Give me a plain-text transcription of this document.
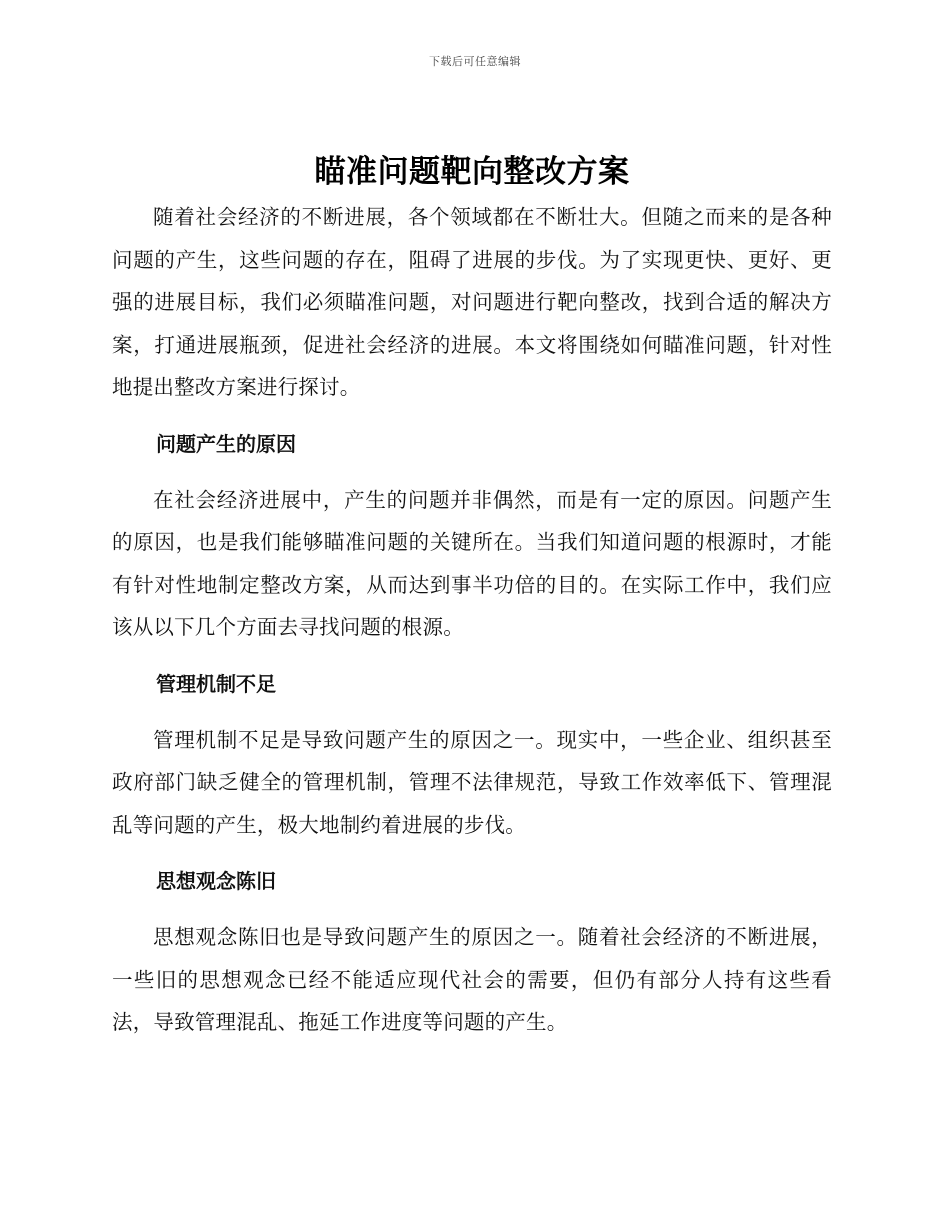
下载后可任意编辑
瞄准问题靶向整改方案

随着社会经济的不断进展，各个领域都在不断壮大。但随之而来的是各种问题的产生，这些问题的存在，阻碍了进展的步伐。为了实现更快、更好、更强的进展目标，我们必须瞄准问题，对问题进行靶向整改，找到合适的解决方案，打通进展瓶颈，促进社会经济的进展。本文将围绕如何瞄准问题，针对性地提出整改方案进行探讨。

问题产生的原因

在社会经济进展中，产生的问题并非偶然，而是有一定的原因。问题产生的原因，也是我们能够瞄准问题的关键所在。当我们知道问题的根源时，才能有针对性地制定整改方案，从而达到事半功倍的目的。在实际工作中，我们应该从以下几个方面去寻找问题的根源。

管理机制不足

管理机制不足是导致问题产生的原因之一。现实中，一些企业、组织甚至政府部门缺乏健全的管理机制，管理不法律规范，导致工作效率低下、管理混乱等问题的产生，极大地制约着进展的步伐。

思想观念陈旧

思想观念陈旧也是导致问题产生的原因之一。随着社会经济的不断进展，一些旧的思想观念已经不能适应现代社会的需要，但仍有部分人持有这些看法，导致管理混乱、拖延工作进度等问题的产生。
